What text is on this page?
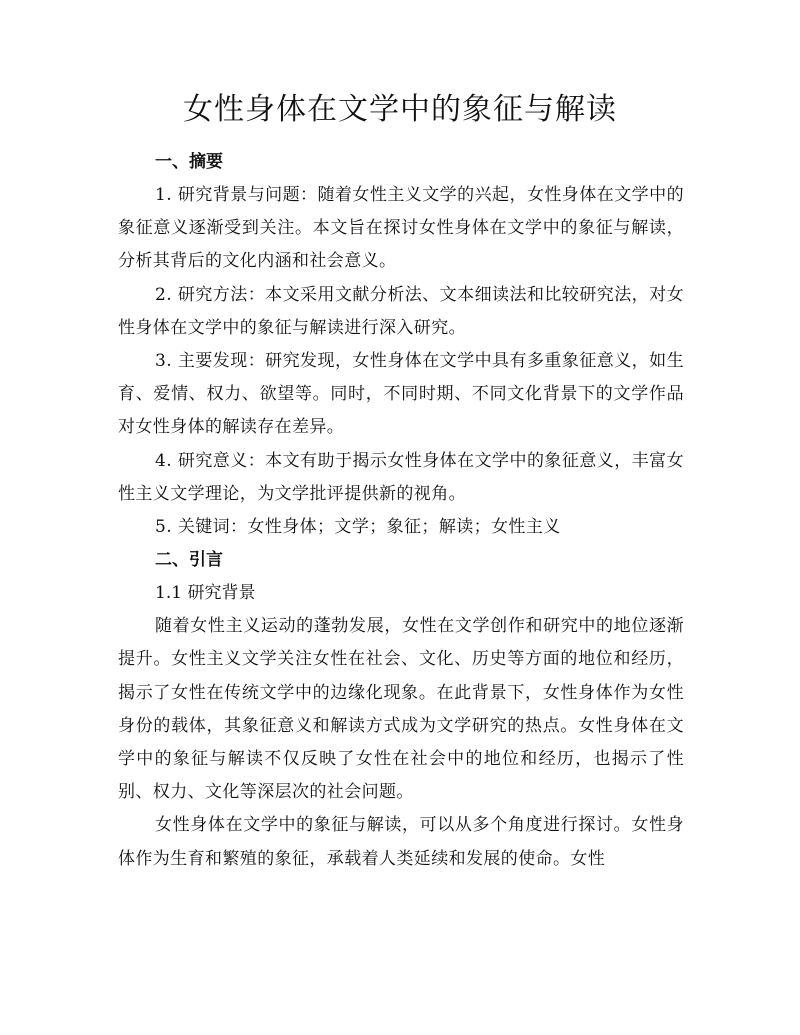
女性身体在文学中的象征与解读

一、摘要

1. 研究背景与问题：随着女性主义文学的兴起，女性身体在文学中的象征意义逐渐受到关注。本文旨在探讨女性身体在文学中的象征与解读，分析其背后的文化内涵和社会意义。

2. 研究方法：本文采用文献分析法、文本细读法和比较研究法，对女性身体在文学中的象征与解读进行深入研究。

3. 主要发现：研究发现，女性身体在文学中具有多重象征意义，如生育、爱情、权力、欲望等。同时，不同时期、不同文化背景下的文学作品对女性身体的解读存在差异。

4. 研究意义：本文有助于揭示女性身体在文学中的象征意义，丰富女性主义文学理论，为文学批评提供新的视角。

5. 关键词：女性身体；文学；象征；解读；女性主义

二、引言

1.1 研究背景

随着女性主义运动的蓬勃发展，女性在文学创作和研究中的地位逐渐提升。女性主义文学关注女性在社会、文化、历史等方面的地位和经历，揭示了女性在传统文学中的边缘化现象。在此背景下，女性身体作为女性身份的载体，其象征意义和解读方式成为文学研究的热点。女性身体在文学中的象征与解读不仅反映了女性在社会中的地位和经历，也揭示了性别、权力、文化等深层次的社会问题。

女性身体在文学中的象征与解读，可以从多个角度进行探讨。女性身体作为生育和繁殖的象征，承载着人类延续和发展的使命。女性
